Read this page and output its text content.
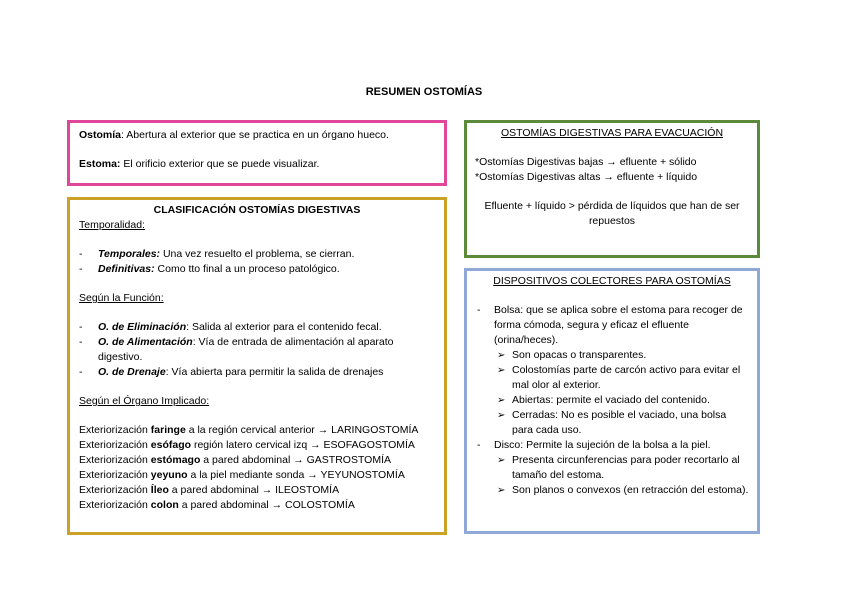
RESUMEN OSTOMÍAS

Ostomía: Abertura al exterior que se practica en un órgano hueco.

Estoma: El orificio exterior que se puede visualizar.

CLASIFICACIÓN OSTOMÍAS DIGESTIVAS

Temporalidad:

- Temporales: Una vez resuelto el problema, se cierran.

- Definitivas: Como tto final a un proceso patológico.

Según la Función:

- O. de Eliminación: Salida al exterior para el contenido fecal.

- O. de Alimentación: Vía de entrada de alimentación al aparato digestivo.

- O. de Drenaje: Vía abierta para permitir la salida de drenajes

Según el Órgano Implicado:

Exteriorización faringe a la región cervical anterior → LARINGOSTOMÍA

Exteriorización esófago región latero cervical izq → ESOFAGOSTOMÍA

Exteriorización estómago a pared abdominal → GASTROSTOMÍA

Exteriorización yeyuno a la piel mediante sonda → YEYUNOSTOMÍA

Exteriorización Íleo a pared abdominal → ILEOSTOMÍA

Exteriorización colon a pared abdominal → COLOSTOMÍA

OSTOMÍAS DIGESTIVAS PARA EVACUACIÓN

*Ostomías Digestivas bajas → efluente + sólido

*Ostomías Digestivas altas → efluente + líquido

Efluente + líquido > pérdida de líquidos que han de ser repuestos

DISPOSITIVOS COLECTORES PARA OSTOMÍAS

- Bolsa: que se aplica sobre el estoma para recoger de forma cómoda, segura y eficaz el efluente (orina/heces).

➢ Son opacas o transparentes.

➢ Colostomías parte de carcón activo para evitar el mal olor al exterior.

➢ Abiertas: permite el vaciado del contenido.

➢ Cerradas: No es posible el vaciado, una bolsa para cada uso.

- Disco: Permite la sujeción de la bolsa a la piel.

➢ Presenta circunferencias para poder recortarlo al tamaño del estoma.

➢ Son planos o convexos (en retracción del estoma).
